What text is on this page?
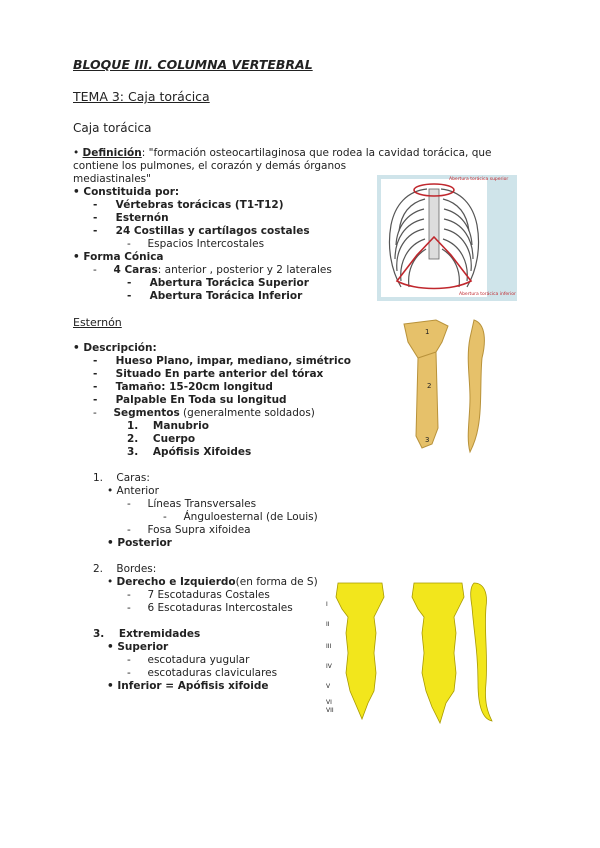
BLOQUE III. COLUMNA VERTEBRAL
TEMA 3: Caja torácica
Caja torácica
• Definición: "formación osteocartilaginosa que rodea la cavidad torácica, que
contiene los pulmones, el corazón y demás órganos
mediastinales"
• Constituida por:
-     Vértebras torácicas (T1-T12)
-     Esternón
-     24 Costillas y cartílagos costales
-     Espacios Intercostales
• Forma Cónica
-     4 Caras: anterior , posterior y 2 laterales
-     Abertura Torácica Superior
-     Abertura Torácica Inferior
Esternón
• Descripción:
-     Hueso Plano, impar, mediano, simétrico
-     Situado En parte anterior del tórax
-     Tamaño: 15-20cm longitud
-     Palpable En Toda su longitud
-     Segmentos (generalmente soldados)
1. Manubrio
2. Cuerpo
3. Apófisis Xifoides
1. Caras:
• Anterior
-     Líneas Transversales
-     Ánguloesternal (de Louis)
-     Fosa Supra xifoidea
• Posterior
2. Bordes:
• Derecho e Izquierdo(en forma de S)
-     7 Escotaduras Costales
-     6 Escotaduras Intercostales
3. Extremidades
• Superior
-     escotadura yugular
-     escotaduras claviculares
• Inferior = Apófisis xifoide
Abertura torácica superior
Abertura torácica inferior
1
2
3
I
II
III
IV
V
VI
VII
